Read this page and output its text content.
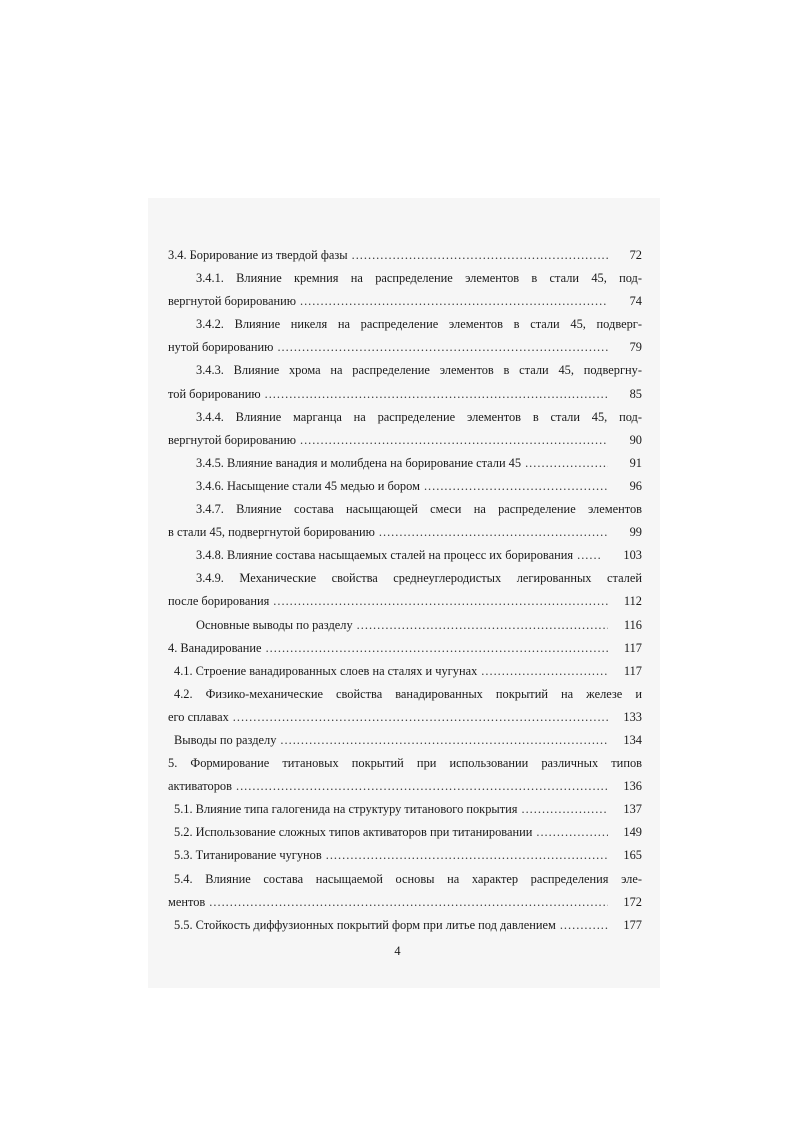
3.4. Борирование из твердой фазы .....	72
3.4.1. Влияние кремния на распределение элементов в стали 45, под-
вергнутой борированию .....	74
3.4.2. Влияние никеля на распределение элементов в стали 45, подверг-
нутой борированию .....	79
3.4.3. Влияние хрома на распределение элементов в стали 45, подвергну-
той борированию .....	85
3.4.4. Влияние марганца на распределение элементов в стали 45, под-
вергнутой борированию .....	90
3.4.5. Влияние ванадия и молибдена на борирование стали 45 .....	91
3.4.6. Насыщение стали 45 медью и бором .....	96
3.4.7. Влияние состава насыщающей смеси на распределение элементов
в стали 45, подвергнутой борированию .....	99
3.4.8. Влияние состава насыщаемых сталей на процесс их борирования .....	103
3.4.9. Механические свойства среднеуглеродистых легированных сталей
после борирования .....	112
Основные выводы по разделу .....	116
4. Ванадирование .....	117
4.1. Строение ванадированных слоев на сталях и чугунах .....	117
4.2. Физико-механические свойства ванадированных покрытий на железе и
его сплавах .....	133
Выводы по разделу .....	134
5. Формирование титановых покрытий при использовании различных типов
активаторов .....	136
5.1. Влияние типа галогенида на структуру титанового покрытия .....	137
5.2. Использование сложных типов активаторов при титанировании .....	149
5.3. Титанирование чугунов .....	165
5.4. Влияние состава насыщаемой основы на характер распределения эле-
ментов .....	172
5.5. Стойкость диффузионных покрытий форм при литье под давлением .....	177
4
